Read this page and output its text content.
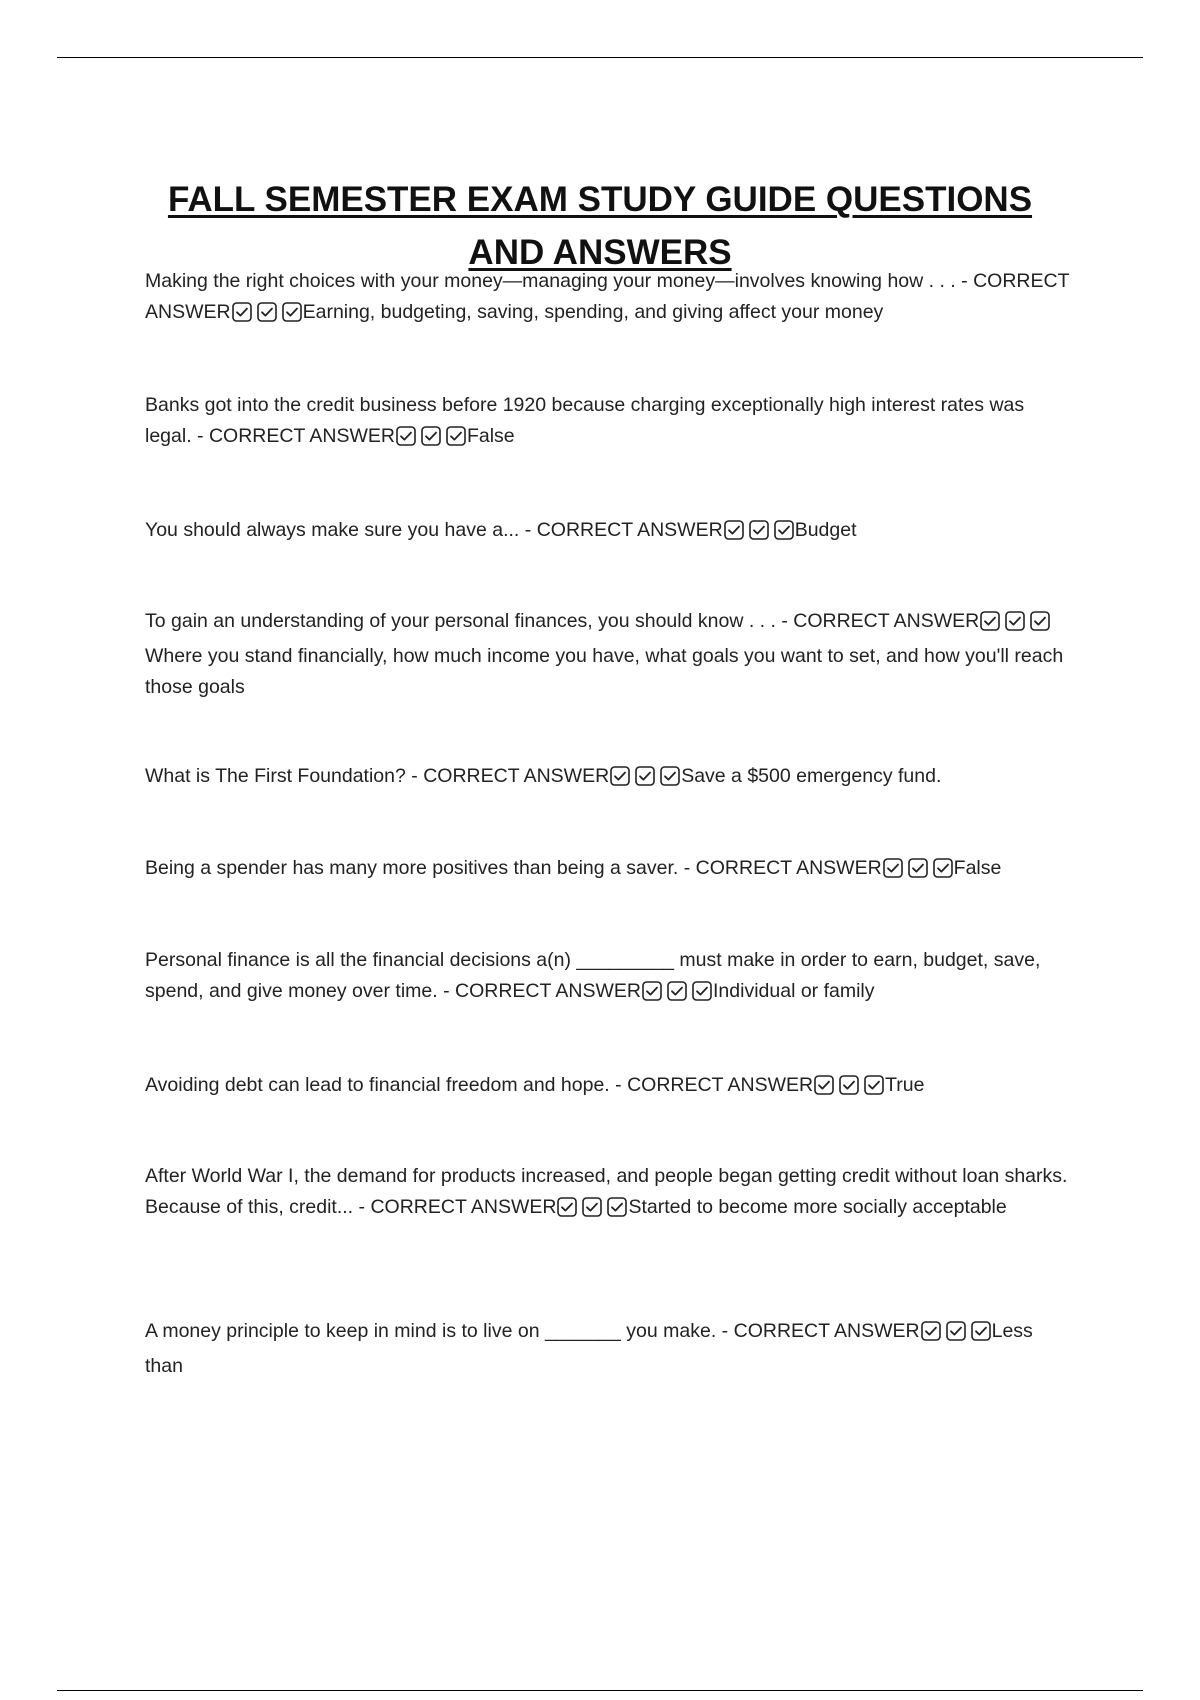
FALL SEMESTER EXAM STUDY GUIDE QUESTIONS AND ANSWERS

Making the right choices with your money—managing your money—involves knowing how . . . - CORRECT ANSWER	Earning, budgeting, saving, spending, and giving affect your money

Banks got into the credit business before 1920 because charging exceptionally high interest rates was legal. - CORRECT ANSWER	False

You should always make sure you have a... - CORRECT ANSWER	Budget

To gain an understanding of your personal finances, you should know . . . - CORRECT ANSWER
Where you stand financially, how much income you have, what goals you want to set, and how you'll reach those goals

What is The First Foundation? - CORRECT ANSWER	Save a $500 emergency fund.

Being a spender has many more positives than being a saver. - CORRECT ANSWER	False

Personal finance is all the financial decisions a(n) _________ must make in order to earn, budget, save, spend, and give money over time. - CORRECT ANSWER	Individual or family

Avoiding debt can lead to financial freedom and hope. - CORRECT ANSWER	True

After World War I, the demand for products increased, and people began getting credit without loan sharks. Because of this, credit... - CORRECT ANSWER	Started to become more socially acceptable

A money principle to keep in mind is to live on _______ you make. - CORRECT ANSWER	Less than
